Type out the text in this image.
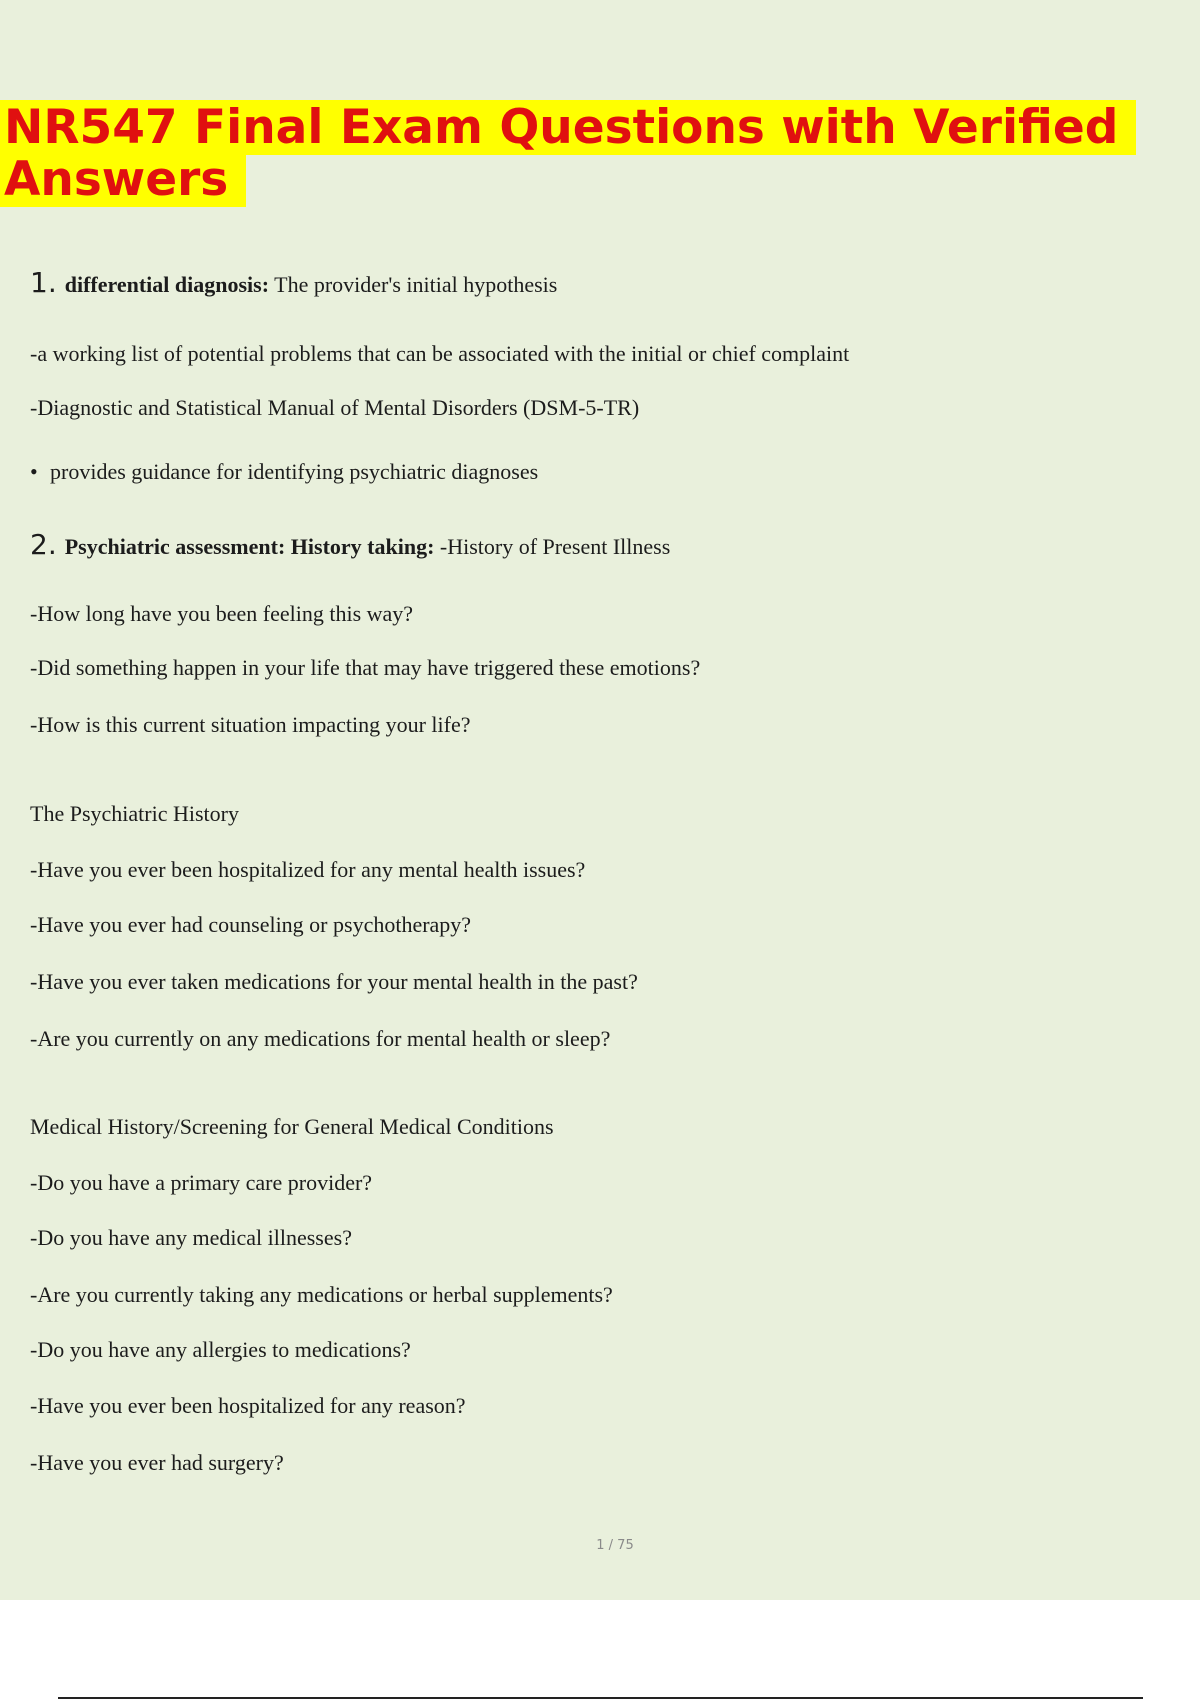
NR547 Final Exam Questions with Verified Answers
1. differential diagnosis: The provider's initial hypothesis
-a working list of potential problems that can be associated with the initial or chief complaint
-Diagnostic and Statistical Manual of Mental Disorders (DSM-5-TR)
• provides guidance for identifying psychiatric diagnoses
2. Psychiatric assessment: History taking: -History of Present Illness
-How long have you been feeling this way?
-Did something happen in your life that may have triggered these emotions?
-How is this current situation impacting your life?
The Psychiatric History
-Have you ever been hospitalized for any mental health issues?
-Have you ever had counseling or psychotherapy?
-Have you ever taken medications for your mental health in the past?
-Are you currently on any medications for mental health or sleep?
Medical History/Screening for General Medical Conditions
-Do you have a primary care provider?
-Do you have any medical illnesses?
-Are you currently taking any medications or herbal supplements?
-Do you have any allergies to medications?
-Have you ever been hospitalized for any reason?
-Have you ever had surgery?
1 / 75
